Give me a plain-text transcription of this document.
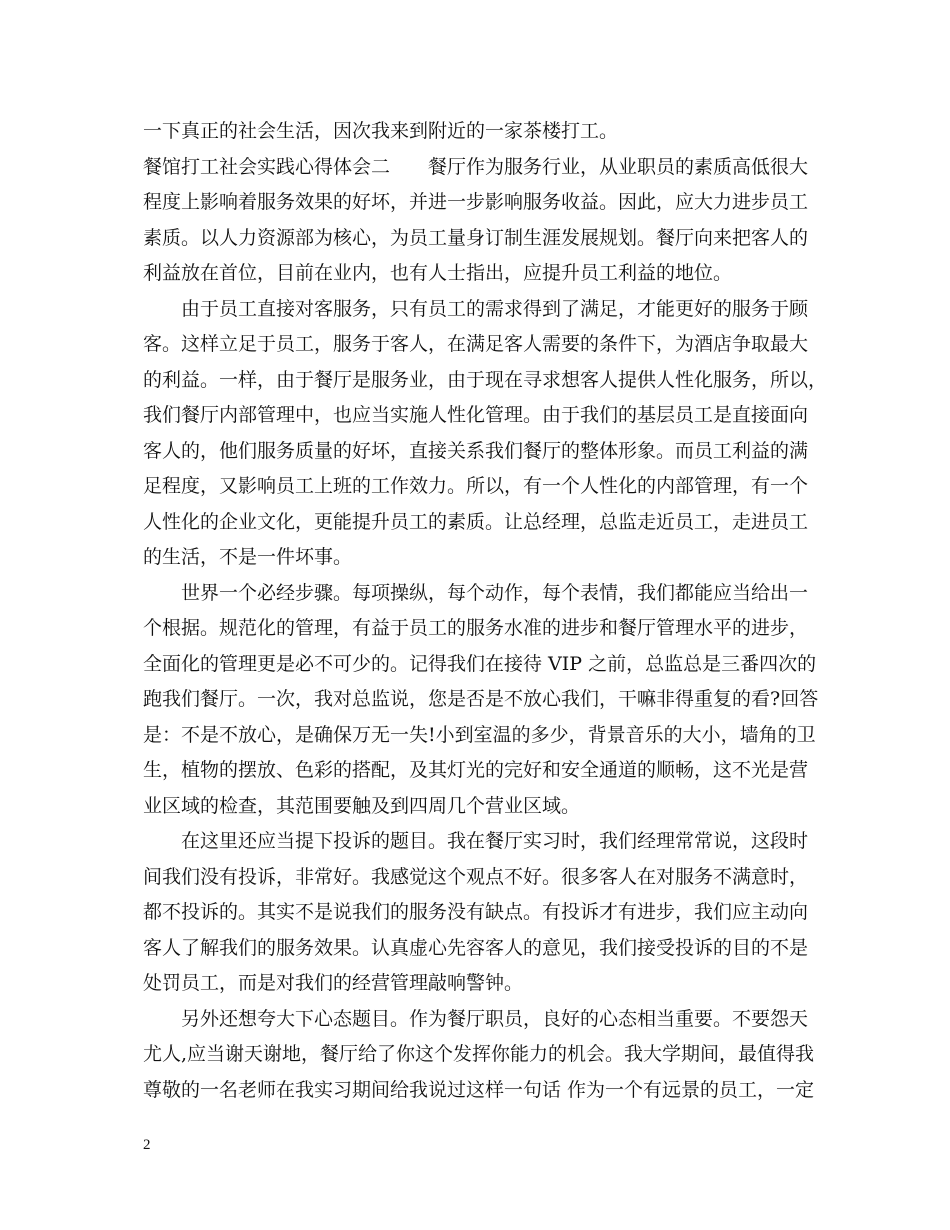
一下真正的社会生活，因次我来到附近的一家茶楼打工。
餐馆打工社会实践心得体会二　　餐厅作为服务行业，从业职员的素质高低很大
程度上影响着服务效果的好坏，并进一步影响服务收益。因此，应大力进步员工
素质。以人力资源部为核心，为员工量身订制生涯发展规划。餐厅向来把客人的
利益放在首位，目前在业内，也有人士指出，应提升员工利益的地位。
　　由于员工直接对客服务，只有员工的需求得到了满足，才能更好的服务于顾
客。这样立足于员工，服务于客人，在满足客人需要的条件下，为酒店争取最大
的利益。一样，由于餐厅是服务业，由于现在寻求想客人提供人性化服务，所以，
我们餐厅内部管理中，也应当实施人性化管理。由于我们的基层员工是直接面向
客人的，他们服务质量的好坏，直接关系我们餐厅的整体形象。而员工利益的满
足程度，又影响员工上班的工作效力。所以，有一个人性化的内部管理，有一个
人性化的企业文化，更能提升员工的素质。让总经理，总监走近员工，走进员工
的生活，不是一件坏事。
　　世界一个必经步骤。每项操纵，每个动作，每个表情，我们都能应当给出一
个根据。规范化的管理，有益于员工的服务水准的进步和餐厅管理水平的进步，
全面化的管理更是必不可少的。记得我们在接待 VIP 之前，总监总是三番四次的
跑我们餐厅。一次，我对总监说，您是否是不放心我们，干嘛非得重复的看?回答
是：不是不放心，是确保万无一失!小到室温的多少，背景音乐的大小，墙角的卫
生，植物的摆放、色彩的搭配，及其灯光的完好和安全通道的顺畅，这不光是营
业区域的检查，其范围要触及到四周几个营业区域。
　　在这里还应当提下投诉的题目。我在餐厅实习时，我们经理常常说，这段时
间我们没有投诉，非常好。我感觉这个观点不好。很多客人在对服务不满意时，
都不投诉的。其实不是说我们的服务没有缺点。有投诉才有进步，我们应主动向
客人了解我们的服务效果。认真虚心先容客人的意见，我们接受投诉的目的不是
处罚员工，而是对我们的经营管理敲响警钟。
　　另外还想夸大下心态题目。作为餐厅职员，良好的心态相当重要。不要怨天
尤人,应当谢天谢地，餐厅给了你这个发挥你能力的机会。我大学期间，最值得我
尊敬的一名老师在我实习期间给我说过这样一句话 作为一个有远景的员工，一定
2
